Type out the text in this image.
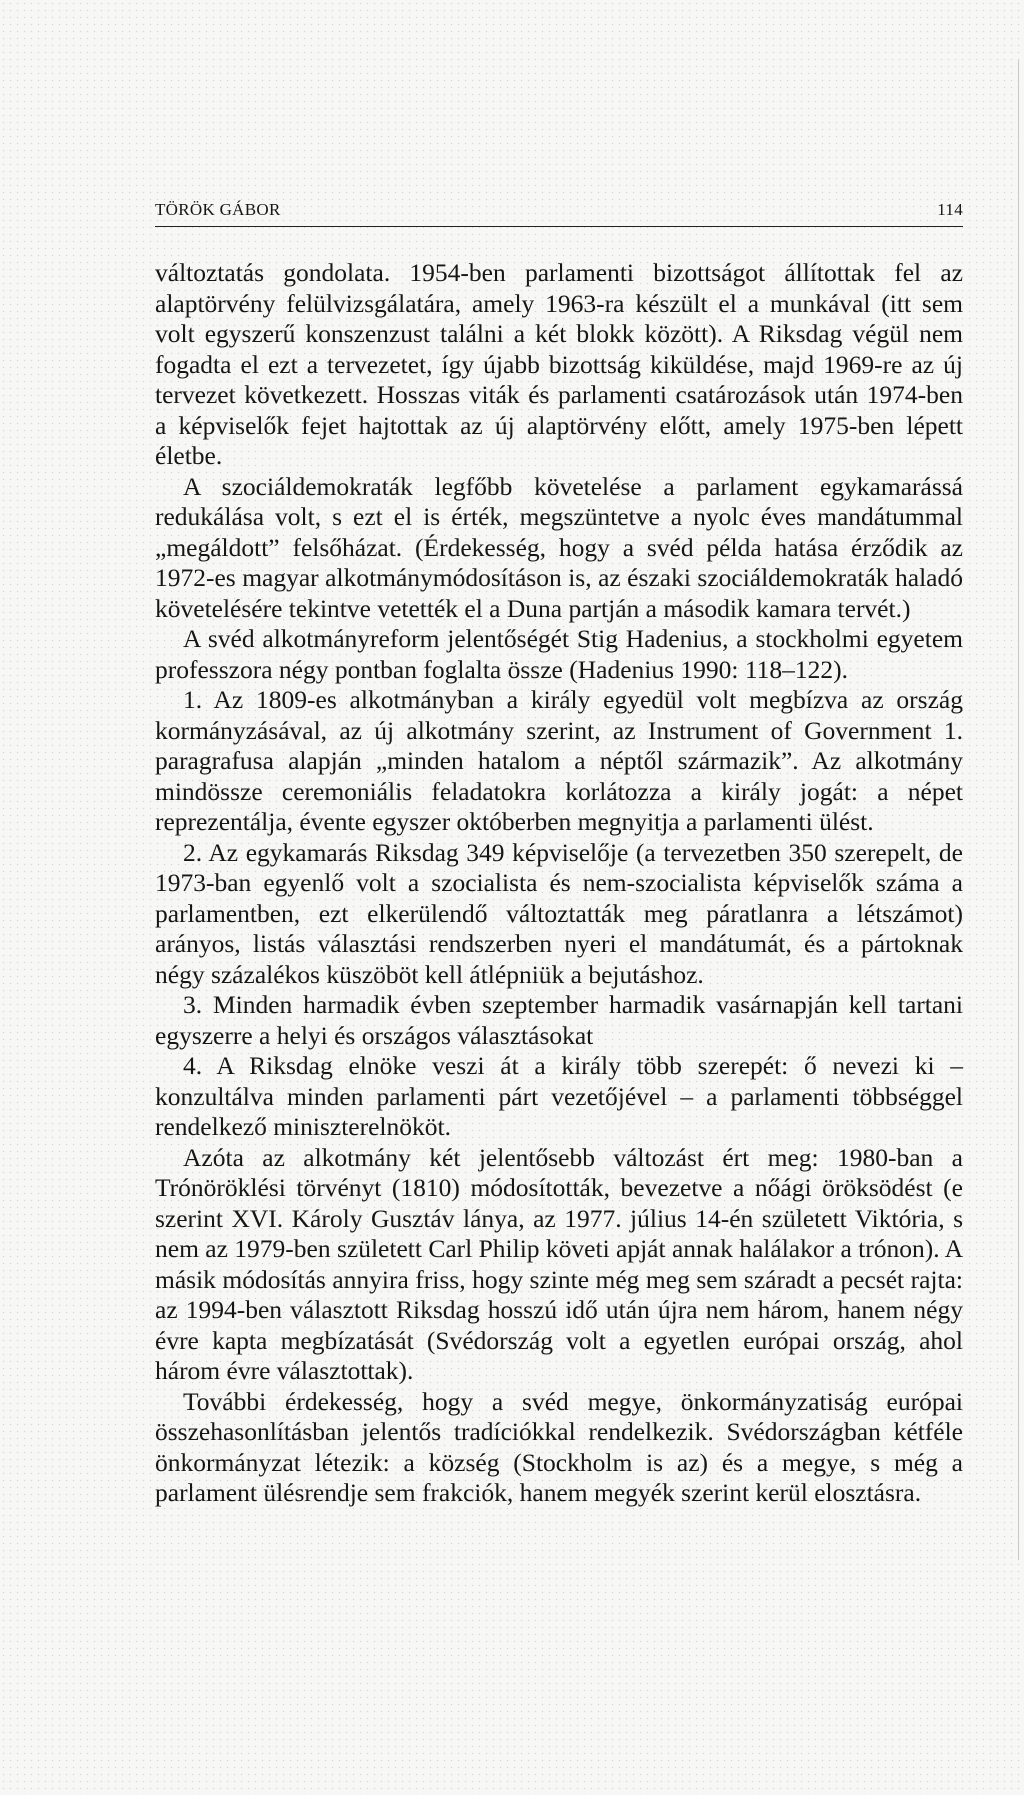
TÖRÖK GÁBOR	114

változtatás gondolata. 1954-ben parlamenti bizottságot állítottak fel az alaptörvény felülvizsgálatára, amely 1963-ra készült el a munkával (itt sem volt egyszerű konszenzust találni a két blokk között). A Riksdag végül nem fogadta el ezt a tervezetet, így újabb bizottság kiküldése, majd 1969-re az új tervezet következett. Hosszas viták és parlamenti csatározások után 1974-ben a képviselők fejet hajtottak az új alaptörvény előtt, amely 1975-ben lépett életbe.

A szociáldemokraták legfőbb követelése a parlament egykamarássá redukálása volt, s ezt el is érték, megszüntetve a nyolc éves mandátummal „megáldott” felsőházat. (Érdekesség, hogy a svéd példa hatása érződik az 1972-es magyar alkotmánymódosításon is, az északi szociáldemokraták haladó követelésére tekintve vetették el a Duna partján a második kamara tervét.)

A svéd alkotmányreform jelentőségét Stig Hadenius, a stockholmi egyetem professzora négy pontban foglalta össze (Hadenius 1990: 118–122).

1. Az 1809-es alkotmányban a király egyedül volt megbízva az ország kormányzásával, az új alkotmány szerint, az Instrument of Government 1. paragrafusa alapján „minden hatalom a néptől származik”. Az alkotmány mindössze ceremoniális feladatokra korlátozza a király jogát: a népet reprezentálja, évente egyszer októberben megnyitja a parlamenti ülést.

2. Az egykamarás Riksdag 349 képviselője (a tervezetben 350 szerepelt, de 1973-ban egyenlő volt a szocialista és nem-szocialista képviselők száma a parlamentben, ezt elkerülendő változtatták meg páratlanra a létszámot) arányos, listás választási rendszerben nyeri el mandátumát, és a pártoknak négy százalékos küszöböt kell átlépniük a bejutáshoz.

3. Minden harmadik évben szeptember harmadik vasárnapján kell tartani egyszerre a helyi és országos választásokat

4. A Riksdag elnöke veszi át a király több szerepét: ő nevezi ki – konzultálva minden parlamenti párt vezetőjével – a parlamenti többséggel rendelkező miniszterelnököt.

Azóta az alkotmány két jelentősebb változást ért meg: 1980-ban a Trónöröklési törvényt (1810) módosították, bevezetve a nőági öröksödést (e szerint XVI. Károly Gusztáv lánya, az 1977. július 14-én született Viktória, s nem az 1979-ben született Carl Philip követi apját annak halálakor a trónon). A másik módosítás annyira friss, hogy szinte még meg sem száradt a pecsét rajta: az 1994-ben választott Riksdag hosszú idő után újra nem három, hanem négy évre kapta megbízatását (Svédország volt a egyetlen európai ország, ahol három évre választottak).

További érdekesség, hogy a svéd megye, önkormányzatiság európai összehasonlításban jelentős tradíciókkal rendelkezik. Svédországban kétféle önkormányzat létezik: a község (Stockholm is az) és a megye, s még a parlament ülésrendje sem frakciók, hanem megyék szerint kerül elosztásra.
